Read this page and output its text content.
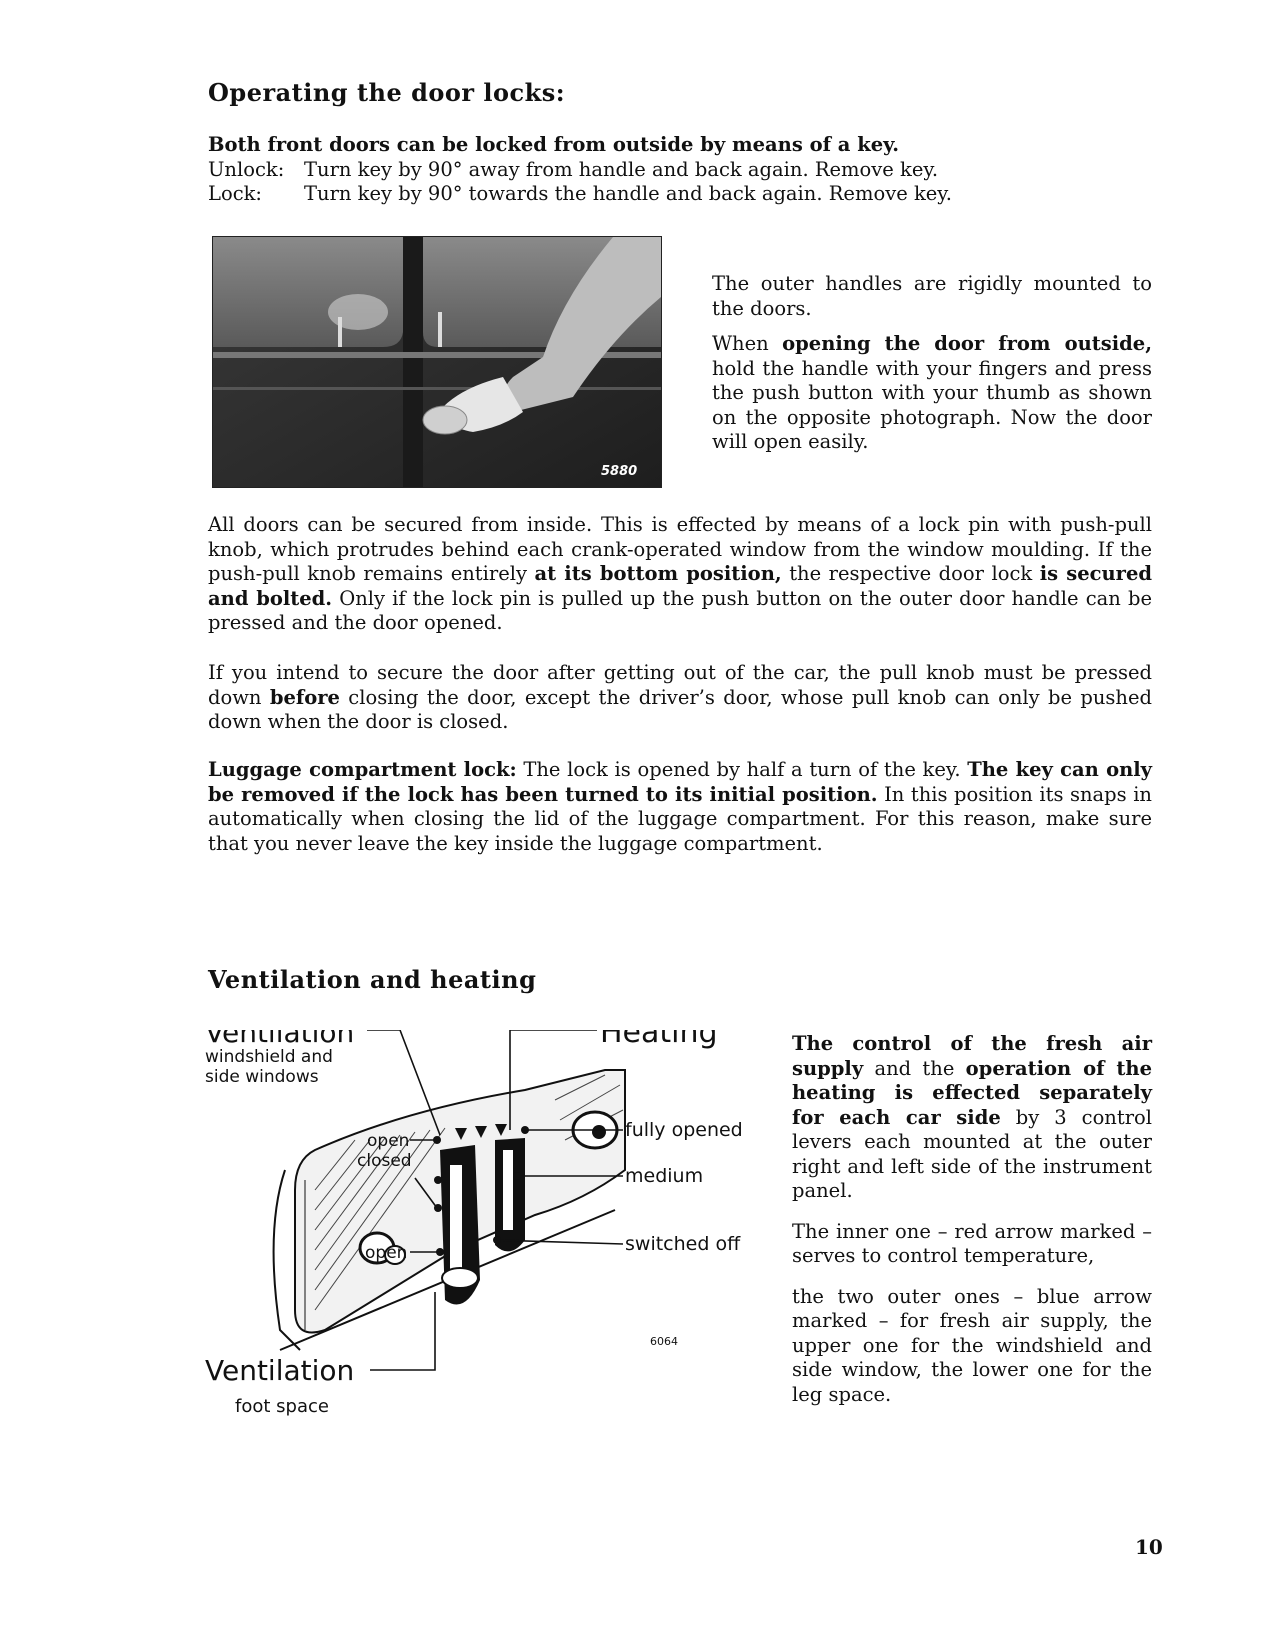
Operating the door locks:
Both front doors can be locked from outside by means of a key.
Unlock: Turn key by 90° away from handle and back again. Remove key.
Lock: Turn key by 90° towards the handle and back again. Remove key.
5880
The outer handles are rigidly mounted to the doors.
When opening the door from outside, hold the handle with your fingers and press the push button with your thumb as shown on the opposite photograph. Now the door will open easily.
All doors can be secured from inside. This is effected by means of a lock pin with push-pull knob, which protrudes behind each crank-operated window from the window moulding. If the push-pull knob remains entirely at its bottom position, the respective door lock is secured and bolted. Only if the lock pin is pulled up the push button on the outer door handle can be pressed and the door opened.
If you intend to secure the door after getting out of the car, the pull knob must be pressed down before closing the door, except the driver’s door, whose pull knob can only be pushed down when the door is closed.
Luggage compartment lock: The lock is opened by half a turn of the key. The key can only be removed if the lock has been turned to its initial position. In this position its snaps in automatically when closing the lid of the luggage compartment. For this reason, make sure that you never leave the key inside the luggage compartment.
Ventilation and heating
Ventilation
windshield and
side windows
Heating
open
closed
open
fully opened
medium
switched off
6064
Ventilation
foot space
The control of the fresh air supply and the operation of the heating is effected separately for each car side by 3 control levers each mounted at the outer right and left side of the instrument panel.
The inner one – red arrow marked – serves to control temperature,
the two outer ones – blue arrow marked – for fresh air supply, the upper one for the windshield and side window, the lower one for the leg space.
10
